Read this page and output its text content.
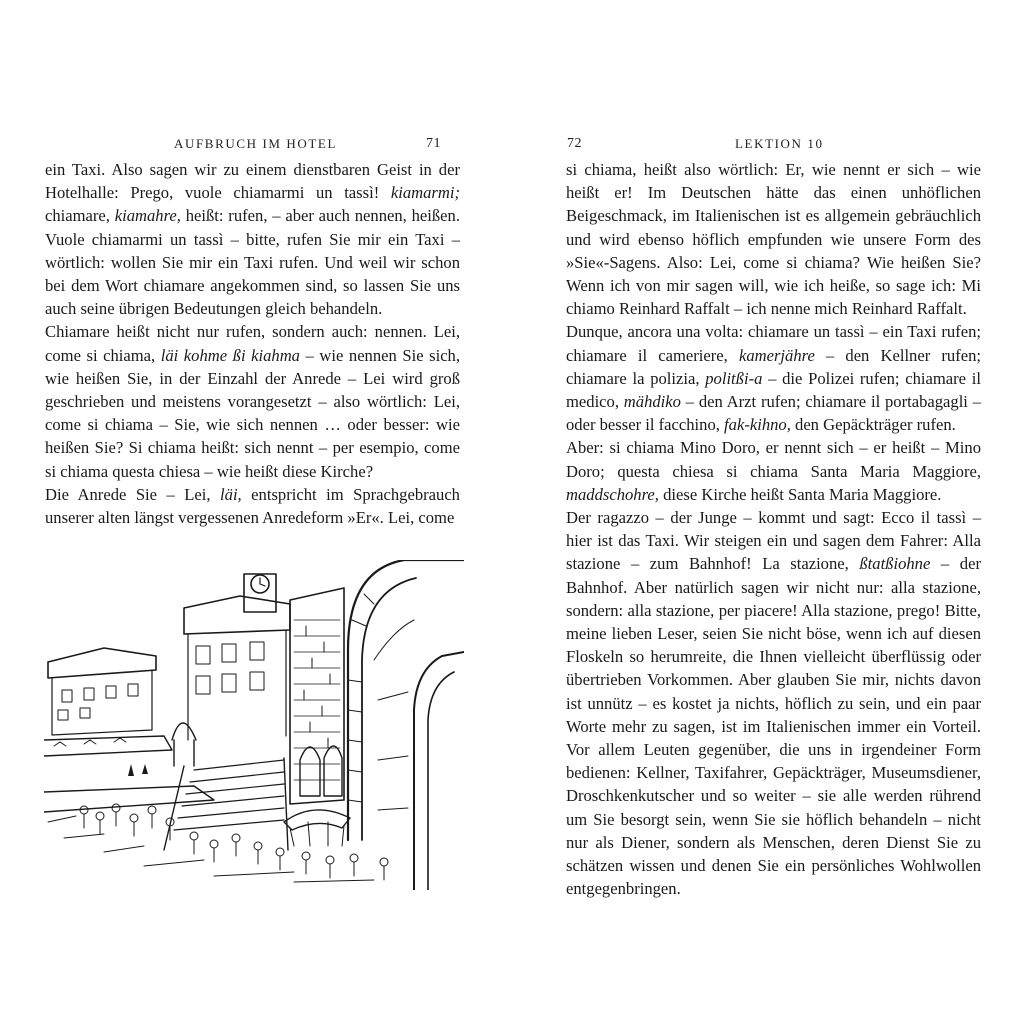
AUFBRUCH IM HOTEL	71

ein Taxi. Also sagen wir zu einem dienstbaren Geist in der Hotelhalle: Prego, vuole chiamarmi un tassì! kiamarmi; chiamare, kiamahre, heißt: rufen, – aber auch nennen, heißen. Vuole chiamarmi un tassì – bitte, rufen Sie mir ein Taxi – wörtlich: wollen Sie mir ein Taxi rufen. Und weil wir schon bei dem Wort chiamare angekommen sind, so lassen Sie uns auch seine übrigen Bedeutungen gleich behandeln.

Chiamare heißt nicht nur rufen, sondern auch: nennen. Lei, come si chiama, läi kohme ßi kiahma – wie nennen Sie sich, wie heißen Sie, in der Einzahl der Anrede – Lei wird groß geschrieben und meistens vorangesetzt – also wörtlich: Lei, come si chiama – Sie, wie sich nennen … oder besser: wie heißen Sie? Si chiama heißt: sich nennt – per esempio, come si chiama questa chiesa – wie heißt diese Kirche?

Die Anrede Sie – Lei, läi, entspricht im Sprachgebrauch unserer alten längst vergessenen Anredeform »Er«. Lei, come

72	LEKTION 10

si chiama, heißt also wörtlich: Er, wie nennt er sich – wie heißt er! Im Deutschen hätte das einen unhöflichen Beigeschmack, im Italienischen ist es allgemein gebräuchlich und wird ebenso höflich empfunden wie unsere Form des »Sie«-Sagens. Also: Lei, come si chiama? Wie heißen Sie? Wenn ich von mir sagen will, wie ich heiße, so sage ich: Mi chiamo Reinhard Raffalt – ich nenne mich Reinhard Raffalt.

Dunque, ancora una volta: chiamare un tassì – ein Taxi rufen; chiamare il cameriere, kamerjähre – den Kellner rufen; chiamare la polizia, politßi-a – die Polizei rufen; chiamare il medico, mähdiko – den Arzt rufen; chiamare il portabagagli – oder besser il facchino, fak-kihno, den Gepäckträger rufen.

Aber: si chiama Mino Doro, er nennt sich – er heißt – Mino Doro; questa chiesa si chiama Santa Maria Maggiore, maddschohre, diese Kirche heißt Santa Maria Maggiore.

Der ragazzo – der Junge – kommt und sagt: Ecco il tassì – hier ist das Taxi. Wir steigen ein und sagen dem Fahrer: Alla stazione – zum Bahnhof! La stazione, ßtatßiohne – der Bahnhof. Aber natürlich sagen wir nicht nur: alla stazione, sondern: alla stazione, per piacere! Alla stazione, prego! Bitte, meine lieben Leser, seien Sie nicht böse, wenn ich auf diesen Floskeln so herumreite, die Ihnen vielleicht überflüssig oder übertrieben Vorkommen. Aber glauben Sie mir, nichts davon ist unnütz – es kostet ja nichts, höflich zu sein, und ein paar Worte mehr zu sagen, ist im Italienischen immer ein Vorteil. Vor allem Leuten gegenüber, die uns in irgendeiner Form bedienen: Kellner, Taxifahrer, Gepäckträger, Museumsdiener, Droschkenkutscher und so weiter – sie alle werden rührend um Sie besorgt sein, wenn Sie sie höflich behandeln – nicht nur als Diener, sondern als Menschen, deren Dienst Sie zu schätzen wissen und denen Sie ein persönliches Wohlwollen entgegenbringen.
